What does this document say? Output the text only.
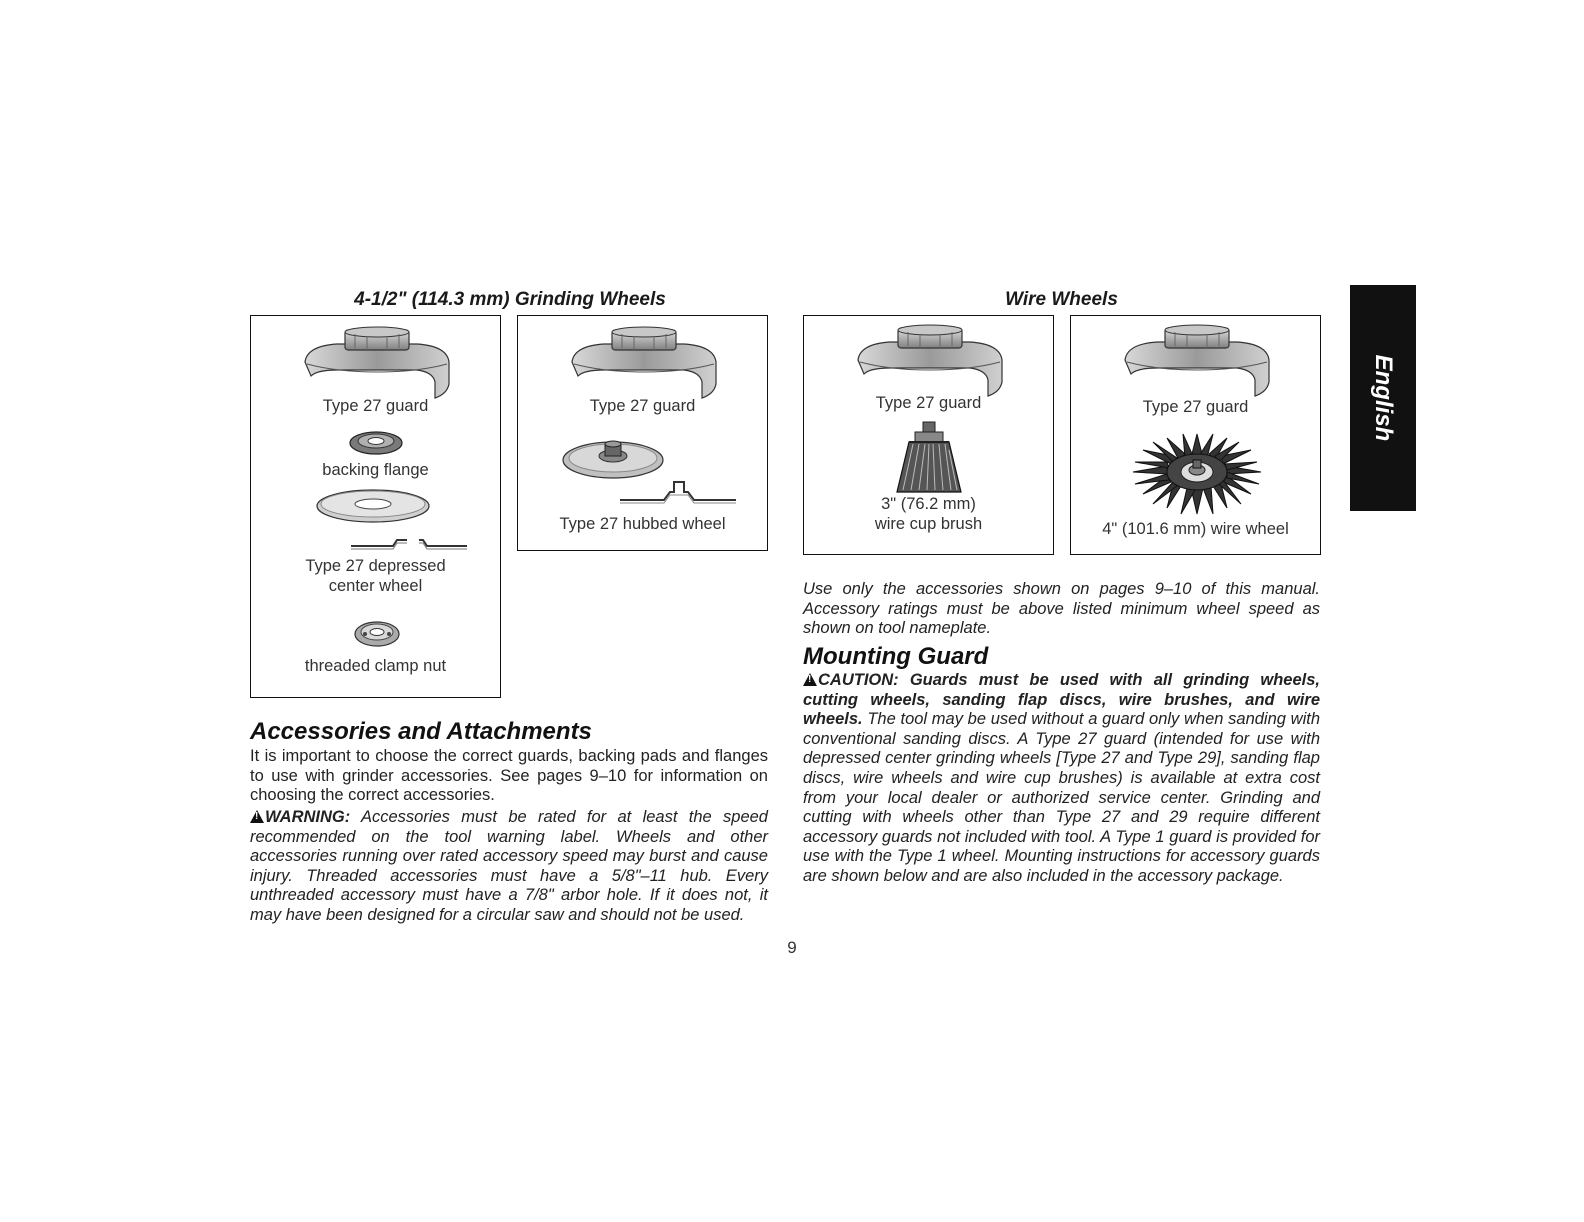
4-1/2" (114.3 mm) Grinding Wheels	Wire Wheels
Type 27 guard
backing flange
Type 27 depressed
center wheel
threaded clamp nut
Type 27 guard
Type 27 hubbed wheel
Type 27 guard
3" (76.2 mm)
wire cup brush
Type 27 guard
4" (101.6 mm) wire wheel
Accessories and Attachments
It is important to choose the correct guards, backing pads and flanges to use with grinder accessories. See pages 9–10 for information on choosing the correct accessories.
!WARNING: Accessories must be rated for at least the speed recommended on the tool warning label. Wheels and other accessories running over rated accessory speed may burst and cause injury. Threaded accessories must have a 5/8"–11 hub. Every unthreaded accessory must have a 7/8" arbor hole. If it does not, it may have been designed for a circular saw and should not be used.
Use only the accessories shown on pages 9–10 of this manual. Accessory ratings must be above listed minimum wheel speed as shown on tool nameplate.
Mounting Guard
!CAUTION: Guards must be used with all grinding wheels, cutting wheels, sanding flap discs, wire brushes, and wire wheels. The tool may be used without a guard only when sanding with conventional sanding discs. A Type 27 guard (intended for use with depressed center grinding wheels [Type 27 and Type 29], sanding flap discs, wire wheels and wire cup brushes) is available at extra cost from your local dealer or authorized service center. Grinding and cutting with wheels other than Type 27 and 29 require different accessory guards not included with tool. A Type 1 guard is provided for use with the Type 1 wheel. Mounting instructions for accessory guards are shown below and are also included in the accessory package.
English
9
